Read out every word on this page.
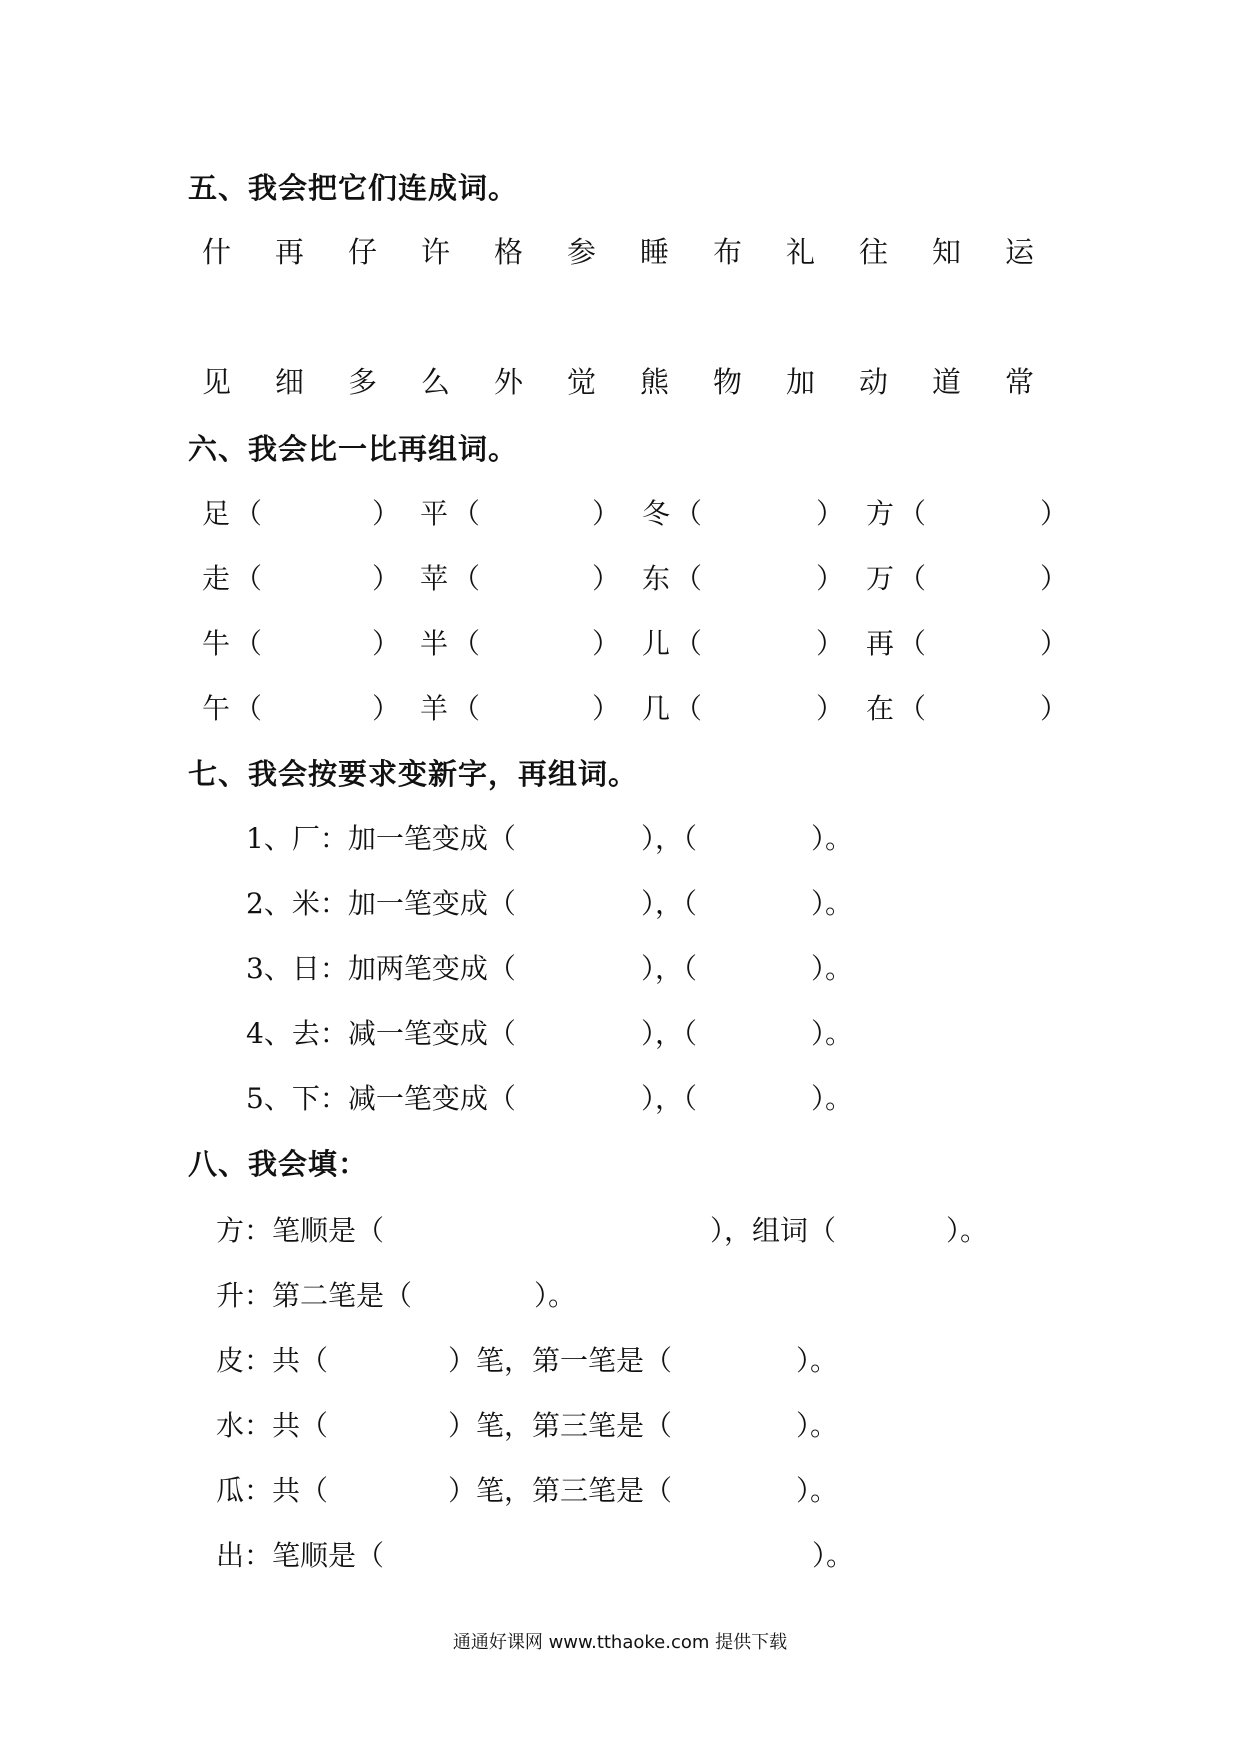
五、我会把它们连成词。
什 再 仔 许 格 参 睡 布 礼 往 知 运
见 细 多 么 外 觉 熊 物 加 动 道 常
六、我会比一比再组词。
足 （	） 平 （	） 冬 （	） 方 （	）
走 （	） 苹 （	） 东 （	） 万 （	）
牛 （	） 半 （	） 儿 （	） 再 （	）
午 （	） 羊 （	） 几 （	） 在 （	）
七、我会按要求变新字，再组词。

1、厂：加一笔变成（

	），（

	）。

2、米：加一笔变成（

	），（

	）。

3、日：加两笔变成（

	），（

	）。

4、去：减一笔变成（

	），（

	）。

5、下：减一笔变成（

	），（

	）。

八、我会填：

方：笔顺是（

	），组词（

	）。

升：第二笔是（

	）。

皮：共（

	）笔，第一笔是（

	）。

水：共（

	）笔，第三笔是（

	）。

瓜：共（

	）笔，第三笔是（

	）。

出：笔顺是（

	）。

通通好课网 www.tthaoke.com 提供下载
